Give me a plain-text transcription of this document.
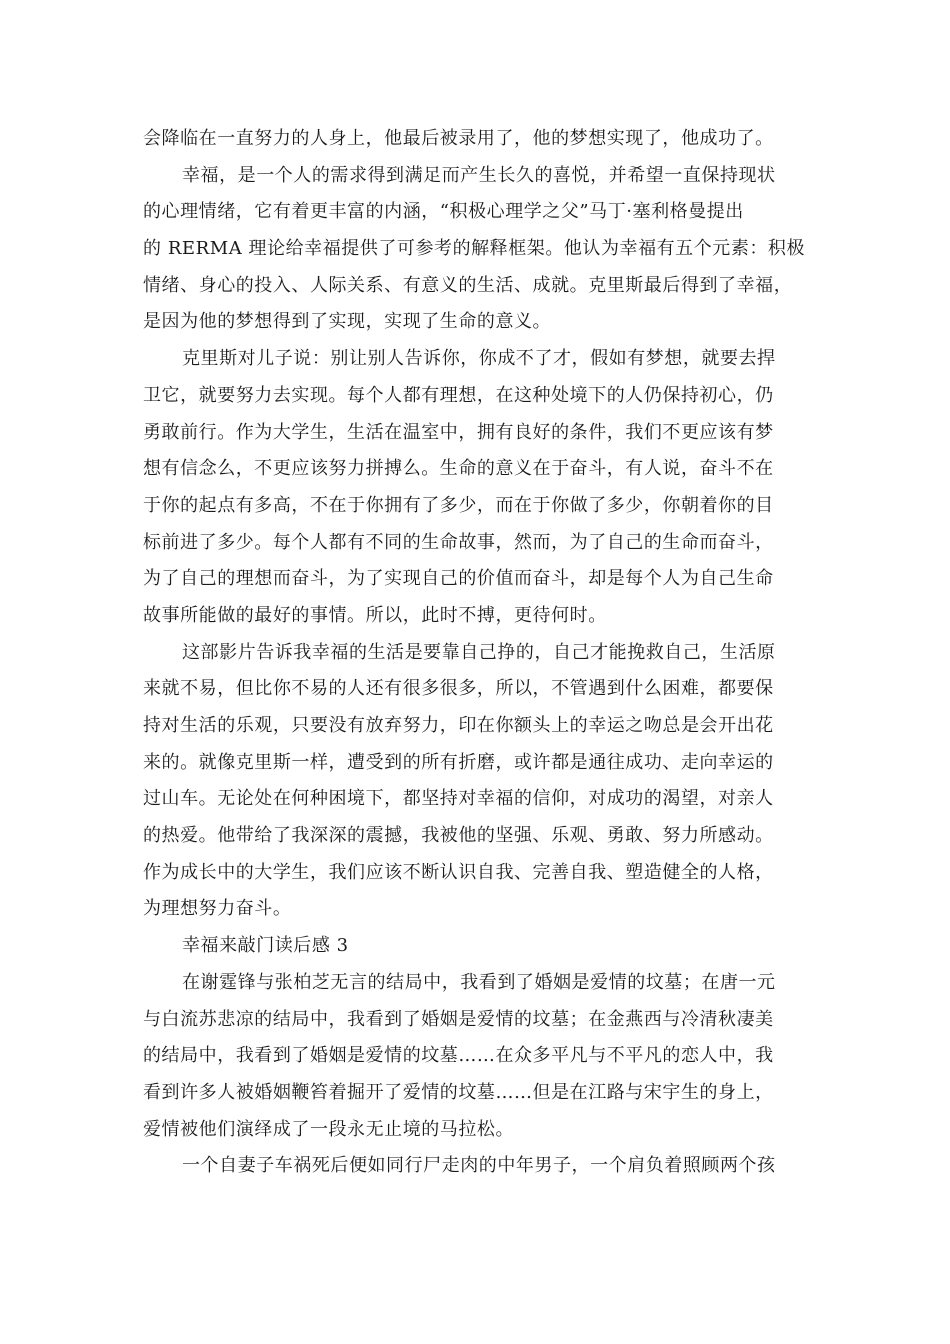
会降临在一直努力的人身上，他最后被录用了，他的梦想实现了，他成功了。
幸福，是一个人的需求得到满足而产生长久的喜悦，并希望一直保持现状
的心理情绪，它有着更丰富的内涵，“积极心理学之父”马丁·塞利格曼提出
的 RERMA 理论给幸福提供了可参考的解释框架。他认为幸福有五个元素：积极
情绪、身心的投入、人际关系、有意义的生活、成就。克里斯最后得到了幸福，
是因为他的梦想得到了实现，实现了生命的意义。
克里斯对儿子说：别让别人告诉你，你成不了才，假如有梦想，就要去捍
卫它，就要努力去实现。每个人都有理想，在这种处境下的人仍保持初心，仍
勇敢前行。作为大学生，生活在温室中，拥有良好的条件，我们不更应该有梦
想有信念么，不更应该努力拼搏么。生命的意义在于奋斗，有人说，奋斗不在
于你的起点有多高，不在于你拥有了多少，而在于你做了多少，你朝着你的目
标前进了多少。每个人都有不同的生命故事，然而，为了自己的生命而奋斗，
为了自己的理想而奋斗，为了实现自己的价值而奋斗，却是每个人为自己生命
故事所能做的最好的事情。所以，此时不搏，更待何时。
这部影片告诉我幸福的生活是要靠自己挣的，自己才能挽救自己，生活原
来就不易，但比你不易的人还有很多很多，所以，不管遇到什么困难，都要保
持对生活的乐观，只要没有放弃努力，印在你额头上的幸运之吻总是会开出花
来的。就像克里斯一样，遭受到的所有折磨，或许都是通往成功、走向幸运的
过山车。无论处在何种困境下，都坚持对幸福的信仰，对成功的渴望，对亲人
的热爱。他带给了我深深的震撼，我被他的坚强、乐观、勇敢、努力所感动。
作为成长中的大学生，我们应该不断认识自我、完善自我、塑造健全的人格，
为理想努力奋斗。
幸福来敲门读后感 3
在谢霆锋与张柏芝无言的结局中，我看到了婚姻是爱情的坟墓；在唐一元
与白流苏悲凉的结局中，我看到了婚姻是爱情的坟墓；在金燕西与冷清秋凄美
的结局中，我看到了婚姻是爱情的坟墓……在众多平凡与不平凡的恋人中，我
看到许多人被婚姻鞭笞着掘开了爱情的坟墓……但是在江路与宋宇生的身上，
爱情被他们演绎成了一段永无止境的马拉松。
一个自妻子车祸死后便如同行尸走肉的中年男子，一个肩负着照顾两个孩
